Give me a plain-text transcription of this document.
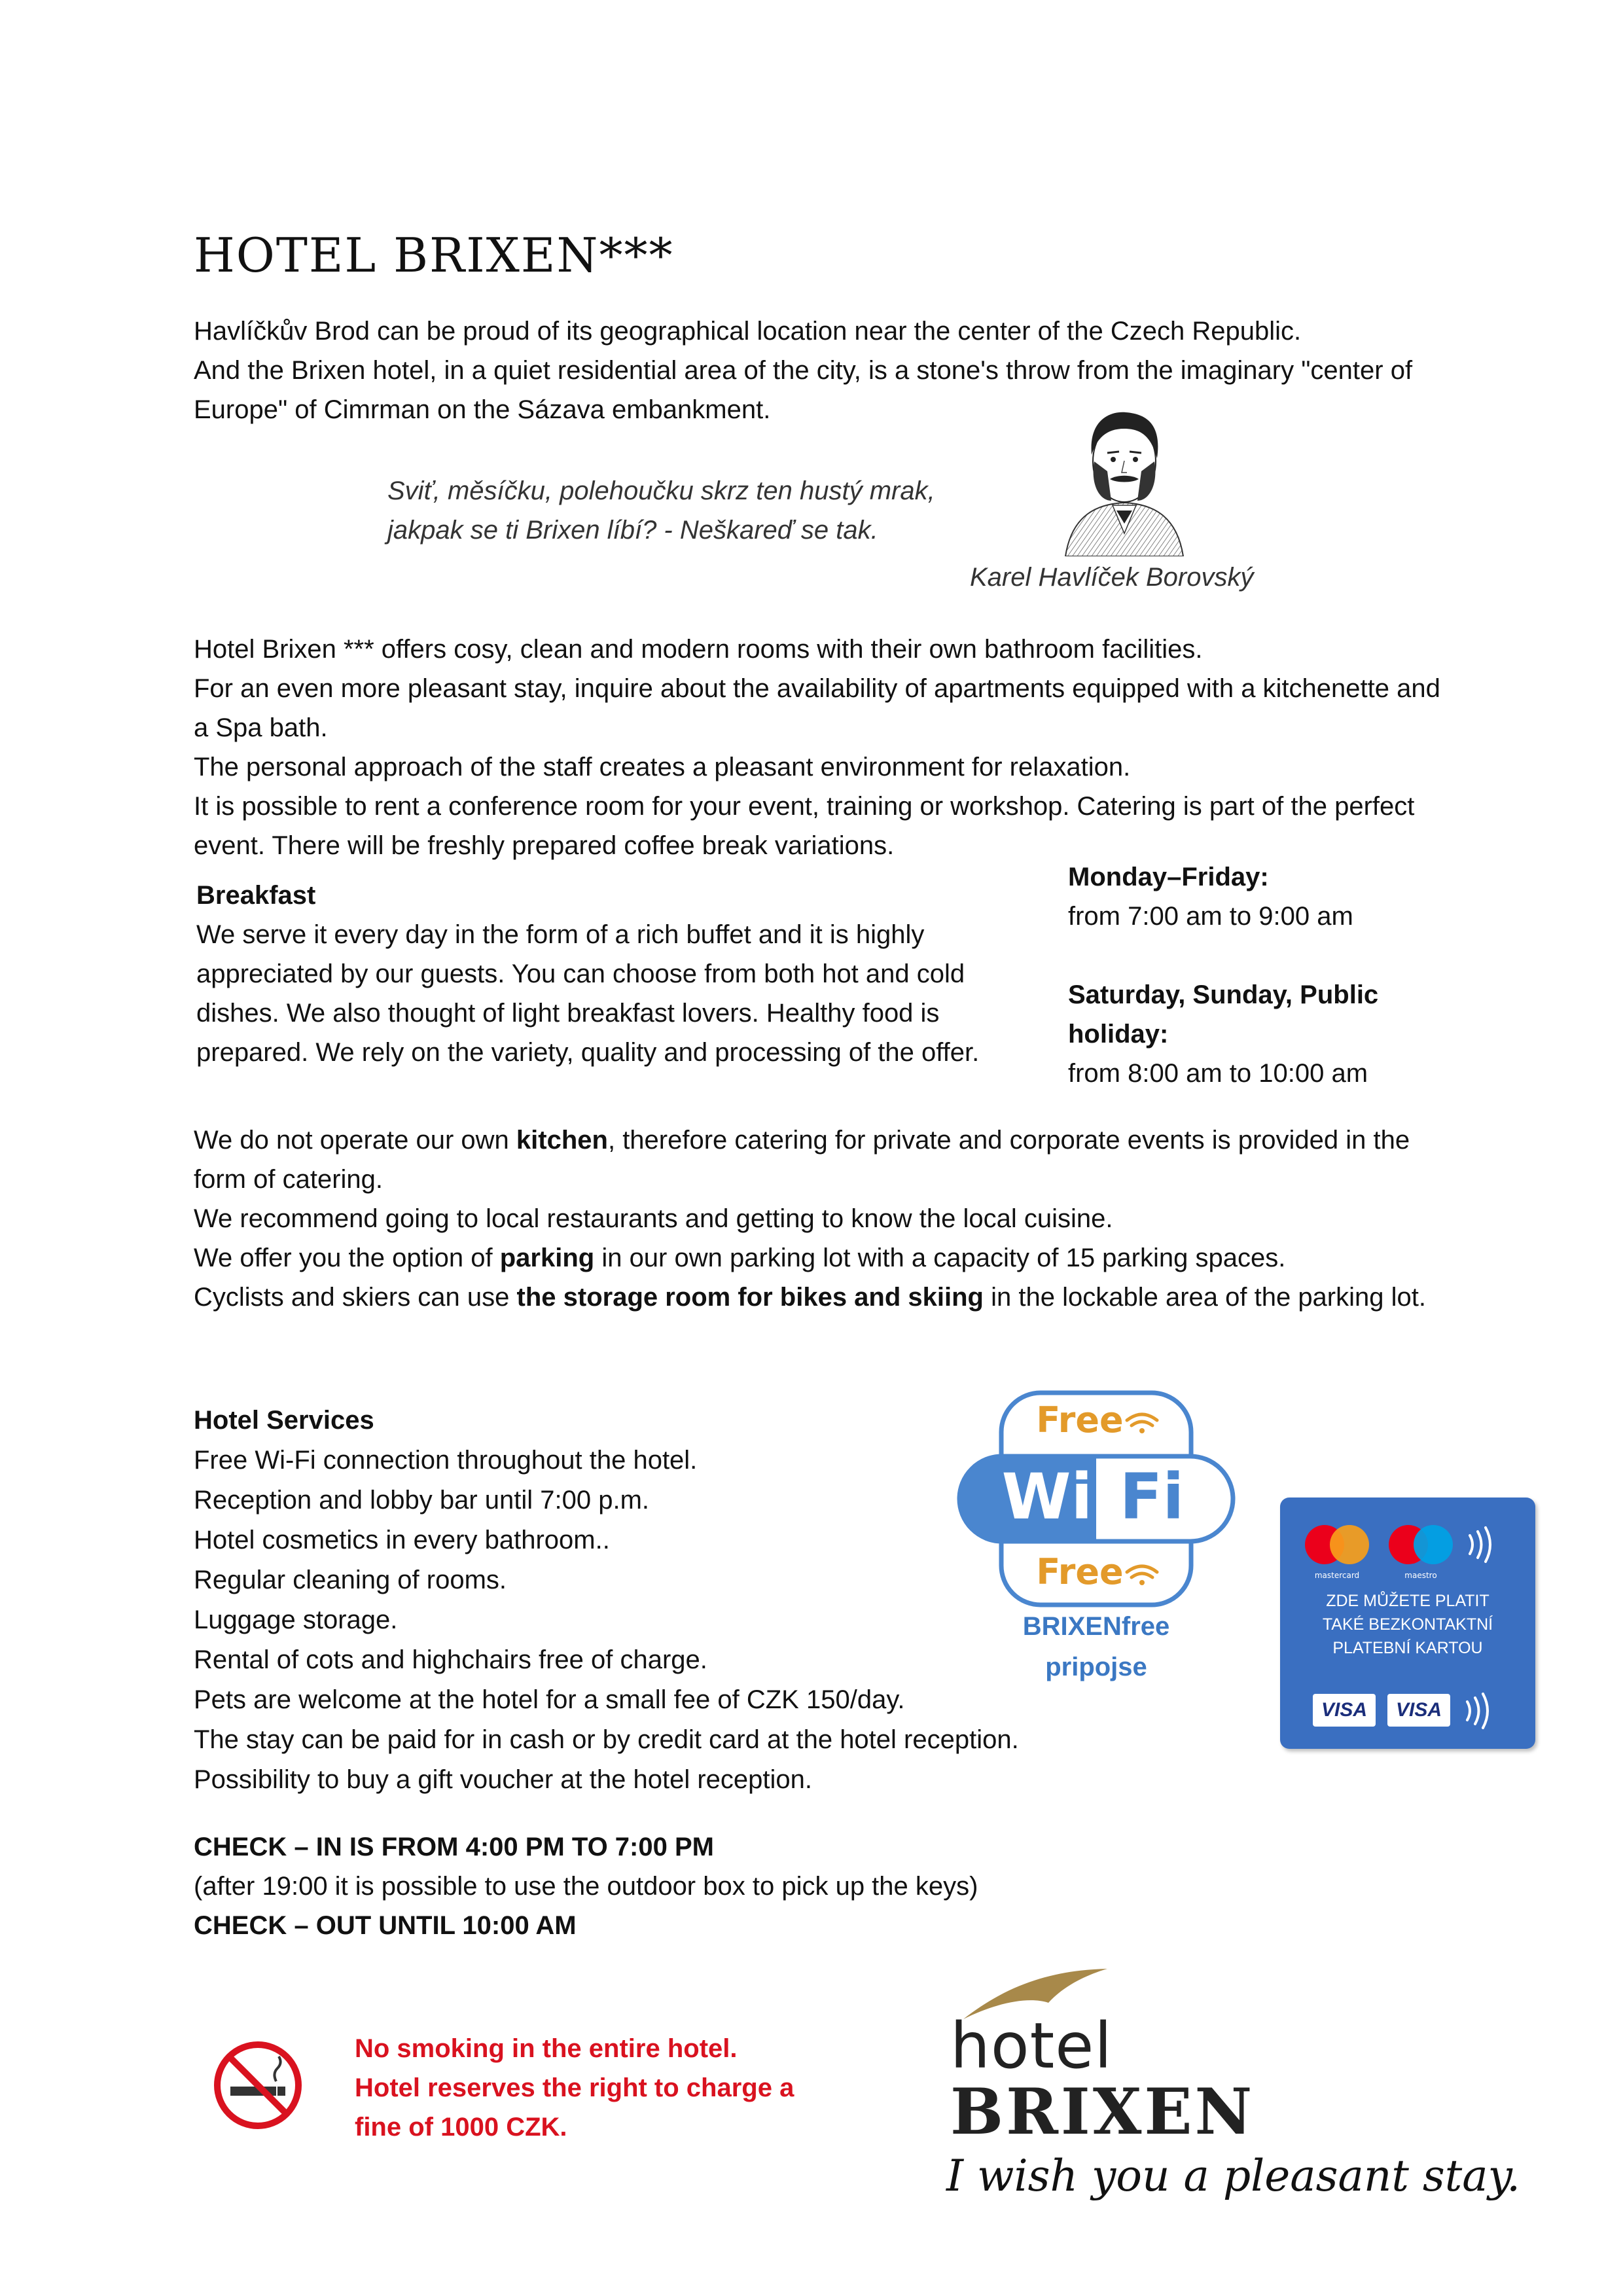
HOTEL BRIXEN***

Havlíčkův Brod can be proud of its geographical location near the center of the Czech Republic.

And the Brixen hotel, in a quiet residential area of the city, is a stone's throw from the imaginary "center of Europe" of Cimrman on the Sázava embankment.

Sviť, měsíčku, polehoučku skrz ten hustý mrak,

jakpak se ti Brixen líbí? - Neškareď se tak.

Karel Havlíček Borovský

Hotel Brixen *** offers cosy, clean and modern rooms with their own bathroom facilities.

For an even more pleasant stay, inquire about the availability of apartments equipped with a kitchenette and a Spa bath.

The personal approach of the staff creates a pleasant environment for relaxation.

It is possible to rent a conference room for your event, training or workshop. Catering is part of the perfect event. There will be freshly prepared coffee break variations.

Breakfast
We serve it every day in the form of a rich buffet and it is highly appreciated by our guests. You can choose from both hot and cold dishes. We also thought of light breakfast lovers. Healthy food is prepared. We rely on the variety, quality and processing of the offer.
Monday–Friday:
from 7:00 am to 9:00 am
Saturday, Sunday, Public holiday:
from 8:00 am to 10:00 am

We do not operate our own kitchen, therefore catering for private and corporate events is provided in the form of catering.

We recommend going to local restaurants and getting to know the local cuisine.

We offer you the option of parking in our own parking lot with a capacity of 15 parking spaces.

Cyclists and skiers can use the storage room for bikes and skiing in the lockable area of the parking lot.

Hotel Services
Free Wi-Fi connection throughout the hotel.
Reception and lobby bar until 7:00 p.m.
Hotel cosmetics in every bathroom..
Regular cleaning of rooms.
Luggage storage.
Rental of cots and highchairs free of charge.
Pets are welcome at the hotel for a small fee of CZK 150/day.
The stay can be paid for in cash or by credit card at the hotel reception.
Possibility to buy a gift voucher at the hotel reception.
Wi Fi
Free
Free
BRIXENfree
pripojse
mastercard	maestro
ZDE MŮŽETE PLATIT
TAKÉ BEZKONTAKTNÍ
PLATEBNÍ KARTOU
VISA	VISA
CHECK – IN IS FROM 4:00 PM TO 7:00 PM
(after 19:00 it is possible to use the outdoor box to pick up the keys)
CHECK – OUT UNTIL 10:00 AM
No smoking in the entire hotel.
Hotel reserves the right to charge a
fine of 1000 CZK.
hotel
BRIXEN
I wish you a pleasant stay.
